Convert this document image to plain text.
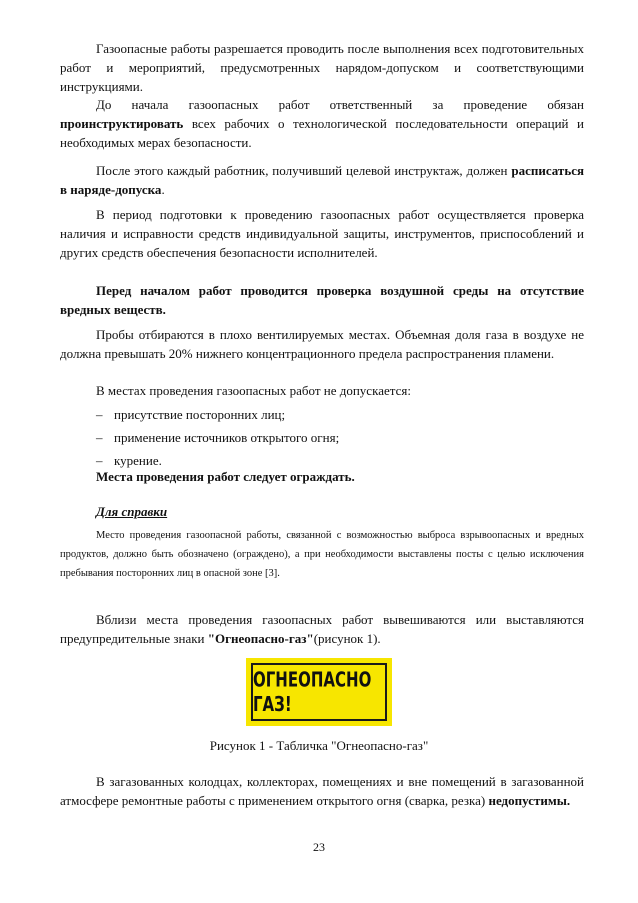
Газоопасные работы разрешается проводить после выполнения всех подготовительных работ и мероприятий, предусмотренных нарядом-допуском и соответствующими инструкциями.

До начала газоопасных работ ответственный за проведение обязан проинструктировать всех рабочих о технологической последовательности операций и необходимых мерах безопасности.

После этого каждый работник, получивший целевой инструктаж, должен расписаться в наряде-допуска.

В период подготовки к проведению газоопасных работ осуществляется проверка наличия и исправности средств индивидуальной защиты, инструментов, приспособлений и других средств обеспечения безопасности исполнителей.

Перед началом работ проводится проверка воздушной среды на отсутствие вредных веществ.

Пробы отбираются в плохо вентилируемых местах. Объемная доля газа в воздухе не должна превышать 20% нижнего концентрационного предела распространения пламени.

В местах проведения газоопасных работ не допускается:

– присутствие посторонних лиц;
– применение источников открытого огня;
– курение.

Места проведения работ следует ограждать.

Для справки

Место проведения газоопасной работы, связанной с возможностью выброса взрывоопасных и вредных продуктов, должно быть обозначено (ограждено), а при необходимости выставлены посты с целью исключения пребывания посторонних лиц в опасной зоне [3].

Вблизи места проведения газоопасных работ вывешиваются или выставляются предупредительные знаки "Огнеопасно-газ"(рисунок 1).

ОГНЕОПАСНО ГАЗ!
Рисунок 1 - Табличка "Огнеопасно-газ"

В загазованных колодцах, коллекторах, помещениях и вне помещений в загазованной атмосфере ремонтные работы с применением открытого огня (сварка, резка) недопустимы.

23
